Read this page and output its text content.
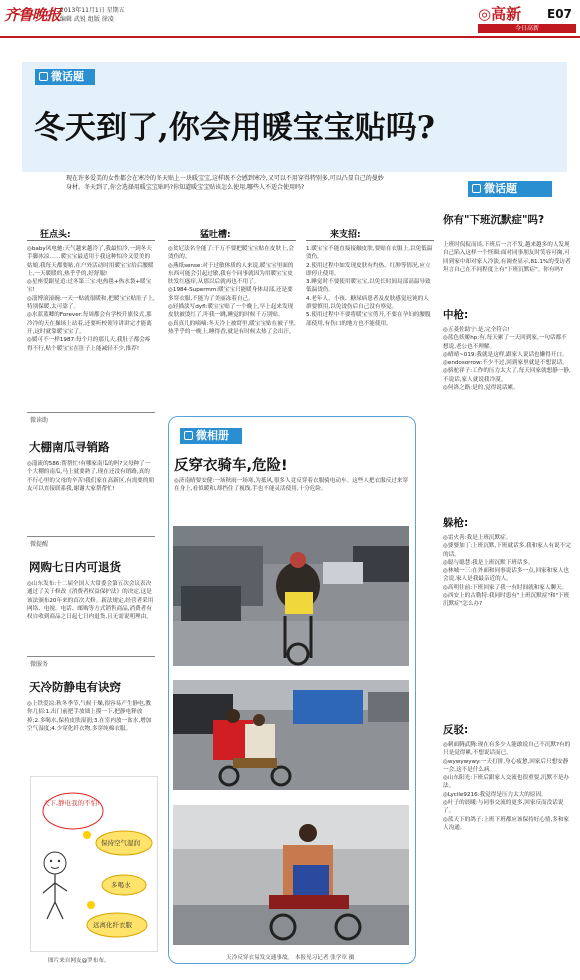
齐鲁晚报 2013年11月1日 星期五
编辑 武锐 组版 徐凌	◎高新 E07
今日高新
微话题
冬天到了,你会用暖宝宝贴吗?
现在许多爱美的女性都会在寒冷的冬天贴上一块暖宝宝,这样既不会感到寒冷,又可以不用穿得特别多,可以凸显自己的曼妙身材。冬天到了,你会选择用暖宝宝贴吗?你知道暖宝宝贴该怎么使用,哪些人不适合使用吗?
狂点头:	猛吐槽:	来支招:
◎baby风电驰:天气越来越冷了,我最怕冷,一到冬天手脚冰凉……暖宝宝最适用于我这种怕冷又爱美的姑娘,我每天都要贴,在户外活动时用暖宝宝给后腰暖上,一天暖暖的,热乎乎的,好舒服!
◎星座爱跟星追:过冬第三宝:电热毯+热水袋+暖宝宝!
◎淄博滚滚碗:一天一贴就很暖和,把暖宝宝贴肚子上,特别保暖,太可靠了。
◎水蓝蓝卿的Forever:每周都会有学校升旗仪式,那冷冷的天在操场上站着,还要听校领导讲讲完才能离开,这时就靠暖宝宝了。
◎媛可不一样1987:每个月的那几天,我肚子都会疼得不行,贴个暖宝宝在肚子上能减轻不少,推荐!
◎贫尼法名全能了:千万不要把暖宝宝贴在皮肤上,会烫伤的。
◎燕纸sense:对于过敏体质的人来说,暖宝宝里面的东西可能会引起过敏,我有个同事就因为用暖宝宝皮肤发红瘙痒,从那以后就再也不用了。
◎1984-Supermm:暖宝宝只能暖身体局部,还是要多穿衣服,不能为了美丽冻着自己。
◎轻描淡写dyfl:暖宝宝贴了一个晚上,早上起来发现皮肤被烫红了,吓我一跳,睡觉的时候千万别贴。
◎真真儿的嘀嘀:冬天冷上被窝里,暖宝宝贴在被子里,热乎乎的一晚上,睡得香,就是有时候太热了会出汗。
1.暖宝宝不能直接接触皮肤,要贴在衣服上,以免低温烫伤。
2.使用过程中如发现皮肤有灼热、红肿等情况,应立即停止使用。
3.睡觉时不要使用暖宝宝,以免长时间局部高温导致低温烫伤。
4.老年人、小孩、糖尿病患者及皮肤感觉迟钝的人群要慎用,以免烫伤后自己没有察觉。
5.使用过程中不要将暖宝宝剪开,不要在孕妇的腰腹部使用,有伤口的地方也不能使用。
微读助
大棚南瓜寻销路
◎淄流的586:帮帮忙!有哪家南瓜的吗?父母种了一个大棚的南瓜,马上就要熟了,现在还没有销路,真的不行心里的父母的辛苦!我们家在高新区,有需要的朋友可以直接联系我,谢谢大家帮帮忙!
微提醒
网购七日内可退货
◎山东发布:十二届全国人大常委会第五次会议表决通过了关于修改《消费者权益保护法》的决定,这是该法颁布20年来的首次大修。新法规定,经营者采用网络、电视、电话、邮购等方式销售商品,消费者有权自收到商品之日起七日内退货,且无需说明理由。
微服务
天冷防静电有诀窍
◎上铁爱凉:秋冬季节,气候干燥,很容易产生静电,教你几招:1.出门前把手放墙上摸一下,把静电释放掉;2.多喝水,保持皮肤湿润;3.在室内放一盆水,增加空气湿度;4.少穿化纤衣物,多穿纯棉衣服。
天下,静电我的不怕!
保持空气湿润
多喝水
远离化纤衣服
图片来自网友@罗布布。
微相册
反穿衣骑车,危险!
◎济南晴要安健:一场秋雨一场寒,为抵风,很多人竟反穿着衣服骑电动车。这些人把衣服反过来穿在身上,看似暖和,却挡住了视线,手也不能灵活使用,十分危险。
天冷反穿衣易发交通事故。 本报见习记者 张学章 摄
微话题
你有"下班沉默症"吗?
上班时侃侃而谈,下班后一言不发,越来越多的人发现自己陷入这样一个怪圈:面对同事朋友时笑容可掬,可回到家中却对家人冷淡,有调查显示,81.1%的受访者坦言自己在不同程度上有"下班沉默症"。你有吗?
中枪:
◎五菱佐助宁:是,完全符合!
◎蓝色妖姬hp:有,每天累了一天回到家,一句话都不想说,老公也不理解。
◎晴晴~019:我就是这样,跟家人说话也懒得开口。
◎endosorrow:不少不过,回到家里就是不想说话。
◎骆驼祥子:工作的压力太大了,每天回家就想静一静,不说话,家人就说我冷漠。
◎何洛之路:是的,觉得说话累。
躲枪:
◎雷火善:我是上班沉默症。
◎婆婆加丁:上班沉默,下班就话多,我和家人有说不完的话。
◎聪与聪慧:我是上班沉默下班话多。
◎林城一三:在外面和同事说话多一点,回家和家人也会说,家人是我最亲近的人。
◎高明往前:下班回家了我一有时间就和家人聊天。
◎西安上的古勒特:我同时患有"上班沉默症"和"下班沉默症"怎么办?
反驳:
◎刺面腾武腾:现在有多少人能敢说自己不沉默?有的只是觉得累,不想说话而已。
◎wywywywy:一天打拼,身心疲惫,回家后只想安静一会,这不是什么病。
◎山东阳光:下班后跟家人交流也很重要,沉默不是办法。
◎Lycile9216:我觉得是压力太大的原因。
◎叶子的晨曦:与同事交流的更多,回家反而没话说了。
◎蓝天下的鸽子:上班下班都应该保持好心情,多和家人沟通。
